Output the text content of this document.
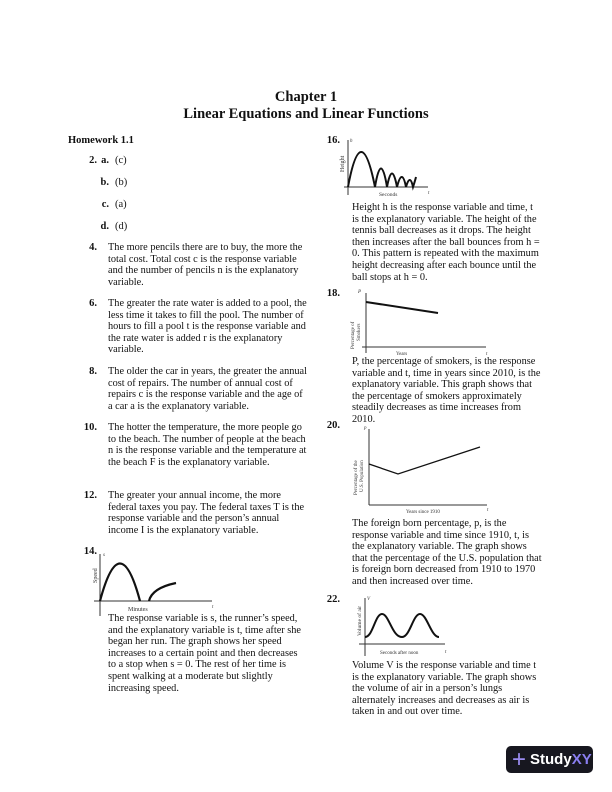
Chapter 1
Linear Equations and Linear Functions
Homework 1.1
2. a. (c)
b. (b)
c. (a)
d. (d)
4. The more pencils there are to buy, the more the total cost. Total cost c is the response variable and the number of pencils n is the explanatory variable.
6. The greater the rate water is added to a pool, the less time it takes to fill the pool. The number of hours to fill a pool t is the response variable and the rate water is added r is the explanatory variable.
8. The older the car in years, the greater the annual cost of repairs. The number of annual cost of repairs c is the response variable and the age of a car a is the explanatory variable.
10. The hotter the temperature, the more people go to the beach. The number of people at the beach n is the response variable and the temperature at the beach F is the explanatory variable.
12. The greater your annual income, the more federal taxes you pay. The federal taxes T is the response variable and the person’s annual income I is the explanatory variable.
14. s
Speed
Minutes	t
The response variable is s, the runner’s speed, and the explanatory variable is t, time after she began her run. The graph shows her speed increases to a certain point and then decreases to a stop when s = 0. The rest of her time is spent walking at a moderate but slightly increasing speed.
16. h
Height
Seconds	t
Height h is the response variable and time, t is the explanatory variable. The height of the tennis ball decreases as it drops. The height then increases after the ball bounces from h = 0. This pattern is repeated with the maximum height decreasing after each bounce until the ball stops at h = 0.
18.	P
Percentage of Smokers
Years	t
P, the percentage of smokers, is the response variable and t, time in years since 2010, is the explanatory variable. This graph shows that the percentage of smokers approximately steadily decreases as time increases from 2010.
20.	p
Percentage of the U.S. Population
Years since 1910	t
The foreign born percentage, p, is the response variable and time since 1910, t, is the explanatory variable. The graph shows that the percentage of the U.S. population that is foreign born decreased from 1910 to 1970 and then increased over time.
22.	V
Volume of air
Seconds after noon	t
Volume V is the response variable and time t is the explanatory variable. The graph shows the volume of air in a person’s lungs alternately increases and decreases as air is taken in and out over time.
+ StudyXY
